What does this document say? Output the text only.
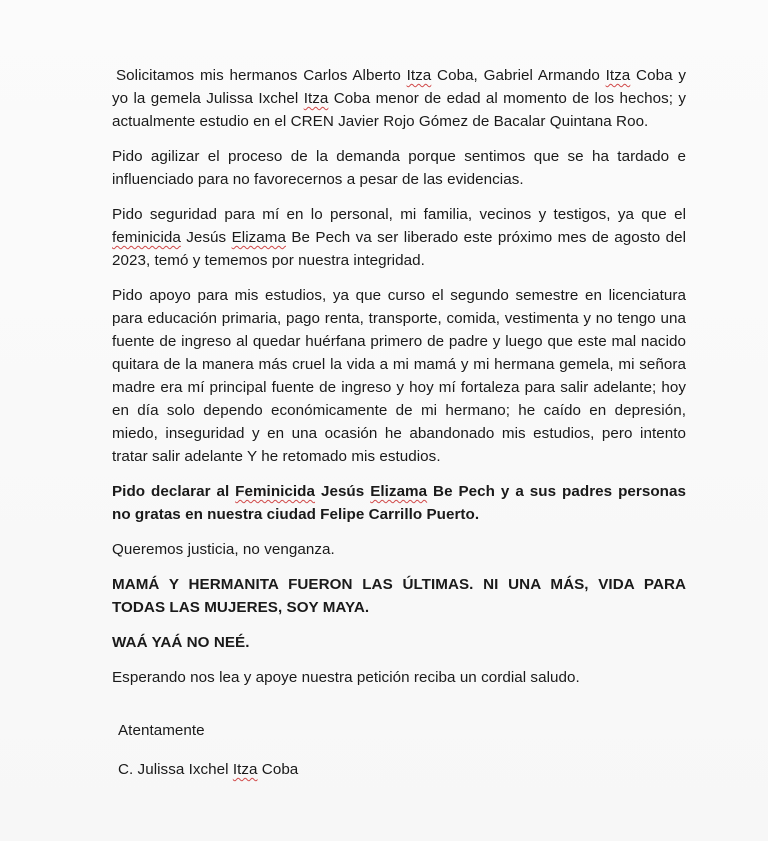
Solicitamos mis hermanos Carlos Alberto Itza Coba, Gabriel Armando Itza Coba y yo la gemela Julissa Ixchel Itza Coba menor de edad al momento de los hechos; y actualmente estudio en el CREN Javier Rojo Gómez de Bacalar Quintana Roo.

Pido agilizar el proceso de la demanda porque sentimos que se ha tardado e influenciado para no favorecernos a pesar de las evidencias.

Pido seguridad para mí en lo personal, mi familia, vecinos y testigos, ya que el feminicida Jesús Elizama Be Pech va ser liberado este próximo mes de agosto del 2023, temó y tememos por nuestra integridad.

Pido apoyo para mis estudios, ya que curso el segundo semestre en licenciatura para educación primaria, pago renta, transporte, comida, vestimenta y no tengo una fuente de ingreso al quedar huérfana primero de padre y luego que este mal nacido quitara de la manera más cruel la vida a mi mamá y mi hermana gemela, mi señora madre era mí principal fuente de ingreso y hoy mí fortaleza para salir adelante; hoy en día solo dependo económicamente de mi hermano; he caído en depresión, miedo, inseguridad y en una ocasión he abandonado mis estudios, pero intento tratar salir adelante Y he retomado mis estudios.

Pido declarar al Feminicida Jesús Elizama Be Pech y a sus padres personas no gratas en nuestra ciudad Felipe Carrillo Puerto.

Queremos justicia, no venganza.

MAMÁ Y HERMANITA FUERON LAS ÚLTIMAS. NI UNA MÁS, VIDA PARA TODAS LAS MUJERES, SOY MAYA.

WAÁ YAÁ NO NEÉ.

Esperando nos lea y apoye nuestra petición reciba un cordial saludo.

Atentamente

C. Julissa Ixchel Itza Coba
